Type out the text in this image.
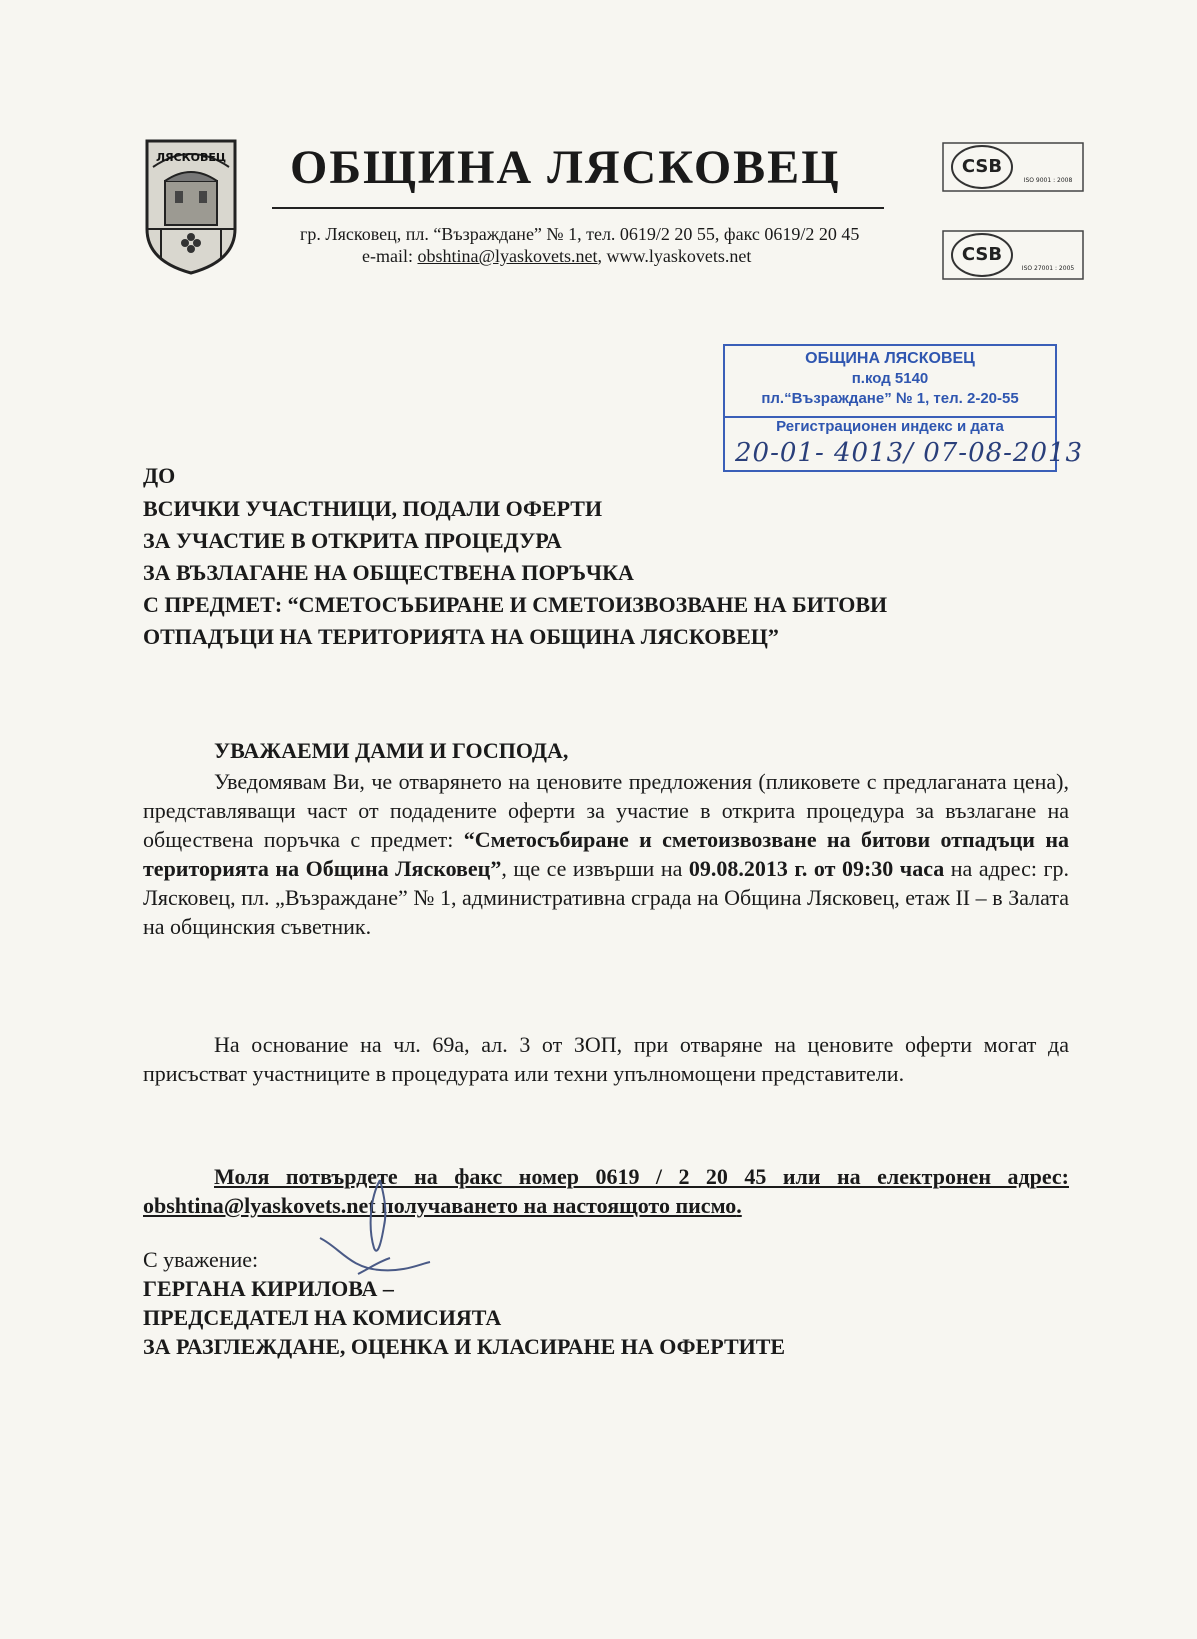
ЛЯСКОВЕЦ ОБЩИНА ЛЯСКОВЕЦ
гр. Лясковец, пл. “Възраждане” № 1, тел. 0619/2 20 55, факс 0619/2 20 45
e-mail: obshtina@lyaskovets.net, www.lyaskovets.net
CSB
ISO 9001 : 2008
CSB
ISO 27001 : 2005
ОБЩИНА ЛЯСКОВЕЦ
п.код 5140
пл.“Възраждане” № 1, тел. 2-20-55
Регистрационен индекс и дата
20-01- 4013/ 07-08-2013
ДО
ВСИЧКИ УЧАСТНИЦИ, ПОДАЛИ ОФЕРТИ
ЗА УЧАСТИЕ В ОТКРИТА ПРОЦЕДУРА
ЗА ВЪЗЛАГАНЕ НА ОБЩЕСТВЕНА ПОРЪЧКА
С ПРЕДМЕТ: “СМЕТОСЪБИРАНЕ И СМЕТОИЗВОЗВАНЕ НА БИТОВИ
ОТПАДЪЦИ НА ТЕРИТОРИЯТА НА ОБЩИНА ЛЯСКОВЕЦ”
УВАЖАЕМИ ДАМИ И ГОСПОДА,
Уведомявам Ви, че отварянето на ценовите предложения (пликовете с предлаганата цена), представляващи част от подадените оферти за участие в открита процедура за възлагане на обществена поръчка с предмет: “Сметосъбиране и сметоизвозване на битови отпадъци на територията на Община Лясковец”, ще се извърши на 09.08.2013 г. от 09:30 часа на адрес: гр. Лясковец, пл. „Възраждане” № 1, административна сграда на Община Лясковец, етаж II – в Залата на общинския съветник.
На основание на чл. 69а, ал. 3 от ЗОП, при отваряне на ценовите оферти могат да присъстват участниците в процедурата или техни упълномощени представители.
Моля потвърдете на факс номер 0619 / 2 20 45 или на електронен адрес: obshtina@lyaskovets.net получаването на настоящото писмо.
С уважение:
ГЕРГАНА КИРИЛОВА –
ПРЕДСЕДАТЕЛ НА КОМИСИЯТА
ЗА РАЗГЛЕЖДАНЕ, ОЦЕНКА И КЛАСИРАНЕ НА ОФЕРТИТЕ
